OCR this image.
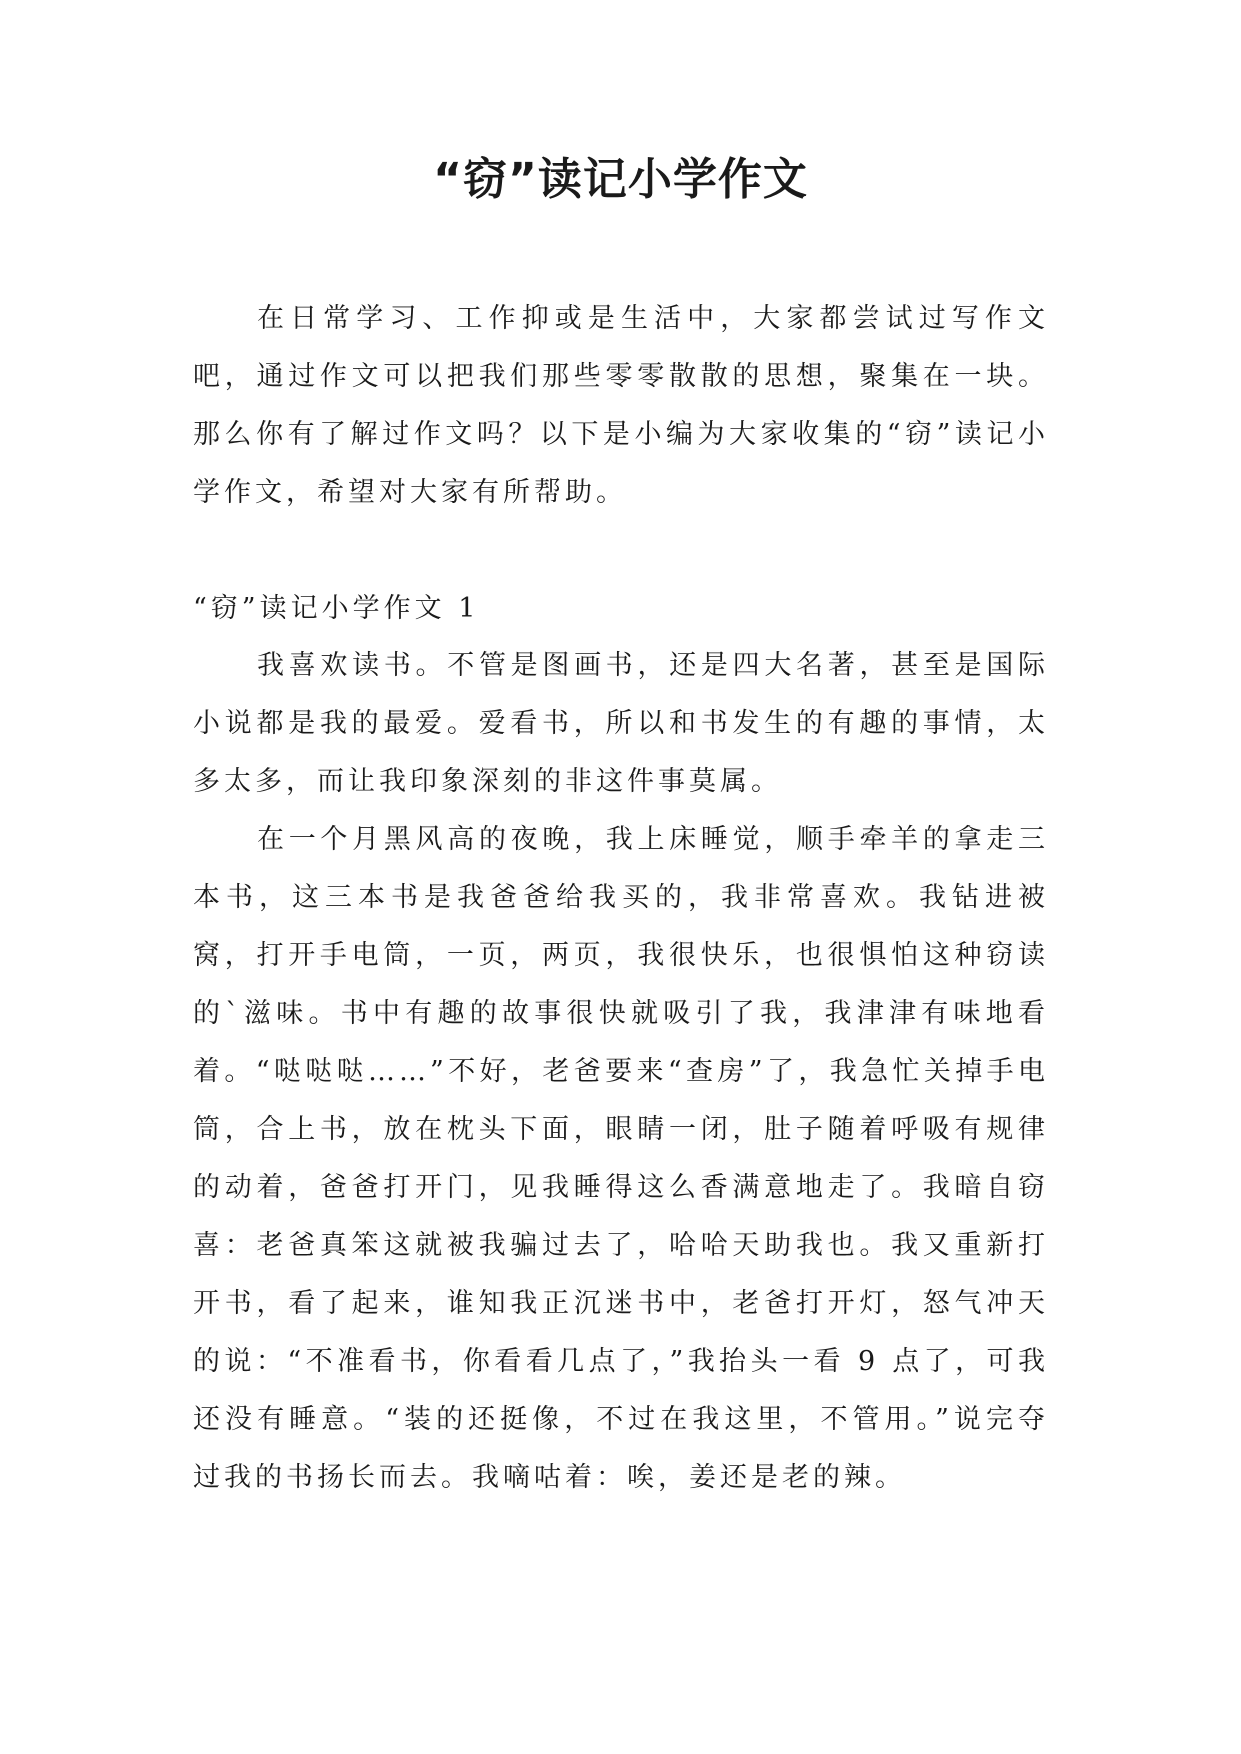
“窃”读记小学作文

在日常学习、工作抑或是生活中，大家都尝试过写作文吧，通过作文可以把我们那些零零散散的思想，聚集在一块。那么你有了解过作文吗？以下是小编为大家收集的“窃”读记小学作文，希望对大家有所帮助。

“窃”读记小学作文 1

我喜欢读书。不管是图画书，还是四大名著，甚至是国际小说都是我的最爱。爱看书，所以和书发生的有趣的事情，太多太多，而让我印象深刻的非这件事莫属。

在一个月黑风高的夜晚，我上床睡觉，顺手牵羊的拿走三本书，这三本书是我爸爸给我买的，我非常喜欢。我钻进被窝，打开手电筒，一页，两页，我很快乐，也很惧怕这种窃读的`滋味。书中有趣的故事很快就吸引了我，我津津有味地看着。“哒哒哒……”不好，老爸要来“查房”了，我急忙关掉手电筒，合上书，放在枕头下面，眼睛一闭，肚子随着呼吸有规律的动着，爸爸打开门，见我睡得这么香满意地走了。我暗自窃喜：老爸真笨这就被我骗过去了，哈哈天助我也。我又重新打开书，看了起来，谁知我正沉迷书中，老爸打开灯，怒气冲天的说：“不准看书，你看看几点了，”我抬头一看 9 点了，可我还没有睡意。“装的还挺像，不过在我这里，不管用。”说完夺过我的书扬长而去。我嘀咕着：唉，姜还是老的辣。
